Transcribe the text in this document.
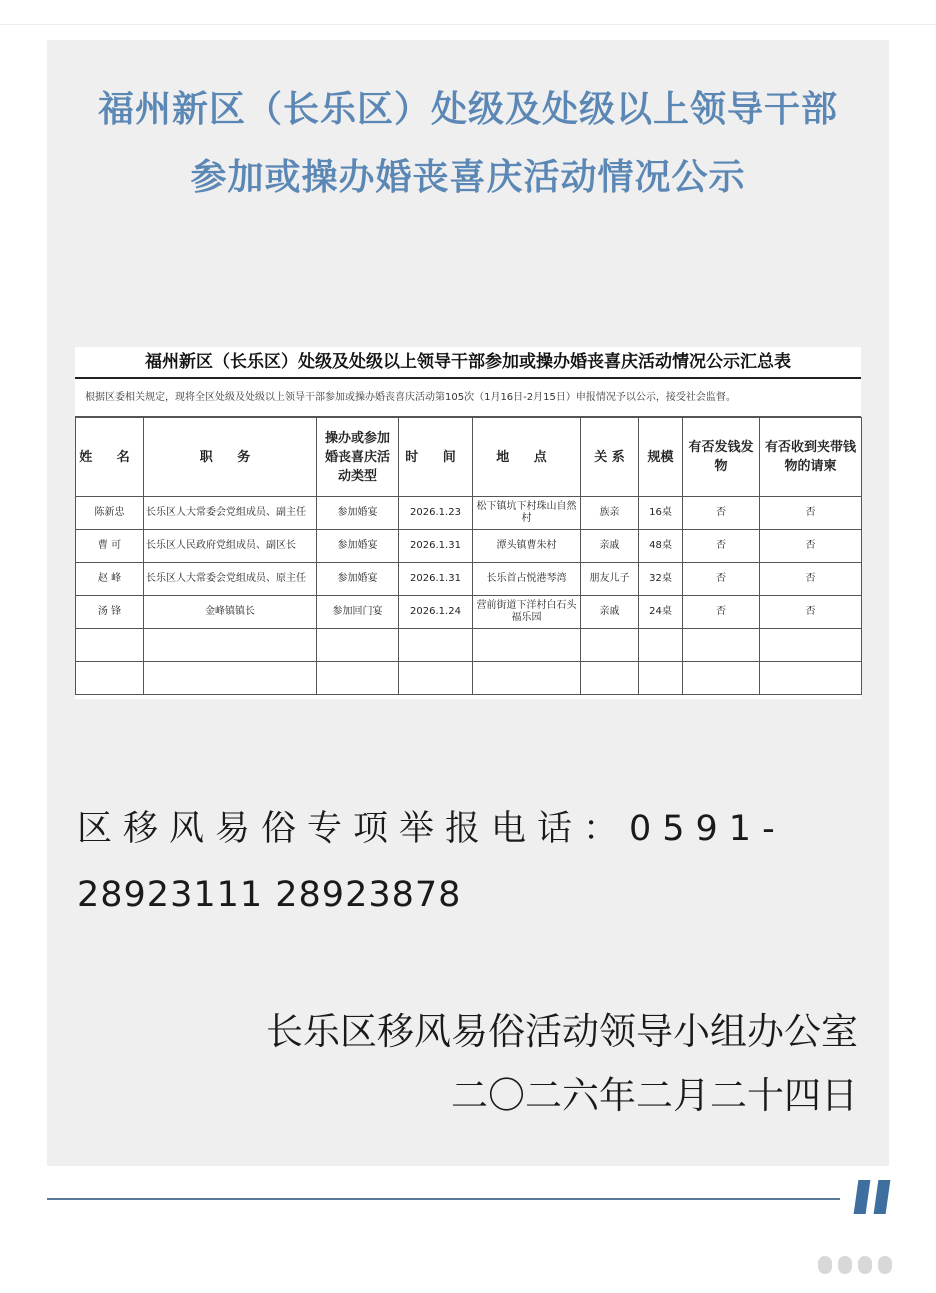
福州新区（长乐区）处级及处级以上领导干部
参加或操办婚丧喜庆活动情况公示
福州新区（长乐区）处级及处级以上领导干部参加或操办婚丧喜庆活动情况公示汇总表
根据区委相关规定，现将全区处级及处级以上领导干部参加或操办婚丧喜庆活动第105次（1月16日-2月15日）申报情况予以公示，接受社会监督。
姓 名	职 务	操办或参加婚丧喜庆活动类型	时 间	地 点	关 系	规模	有否发钱发物	有否收到夹带钱物的请柬
陈新忠	长乐区人大常委会党组成员、副主任	参加婚宴	2026.1.23	松下镇坑下村珠山自然村	族亲	16桌	否	否
曹 可	长乐区人民政府党组成员、副区长	参加婚宴	2026.1.31	潭头镇曹朱村	亲戚	48桌	否	否
赵 峰	长乐区人大常委会党组成员、原主任	参加婚宴	2026.1.31	长乐首占悦港琴湾	朋友儿子	32桌	否	否
汤 锋	金峰镇镇长	参加回门宴	2026.1.24	营前街道下洋村白石头福乐园	亲戚	24桌	否	否

区移风易俗专项举报电话：0591-
28923111 28923878
长乐区移风易俗活动领导小组办公室
二〇二六年二月二十四日
